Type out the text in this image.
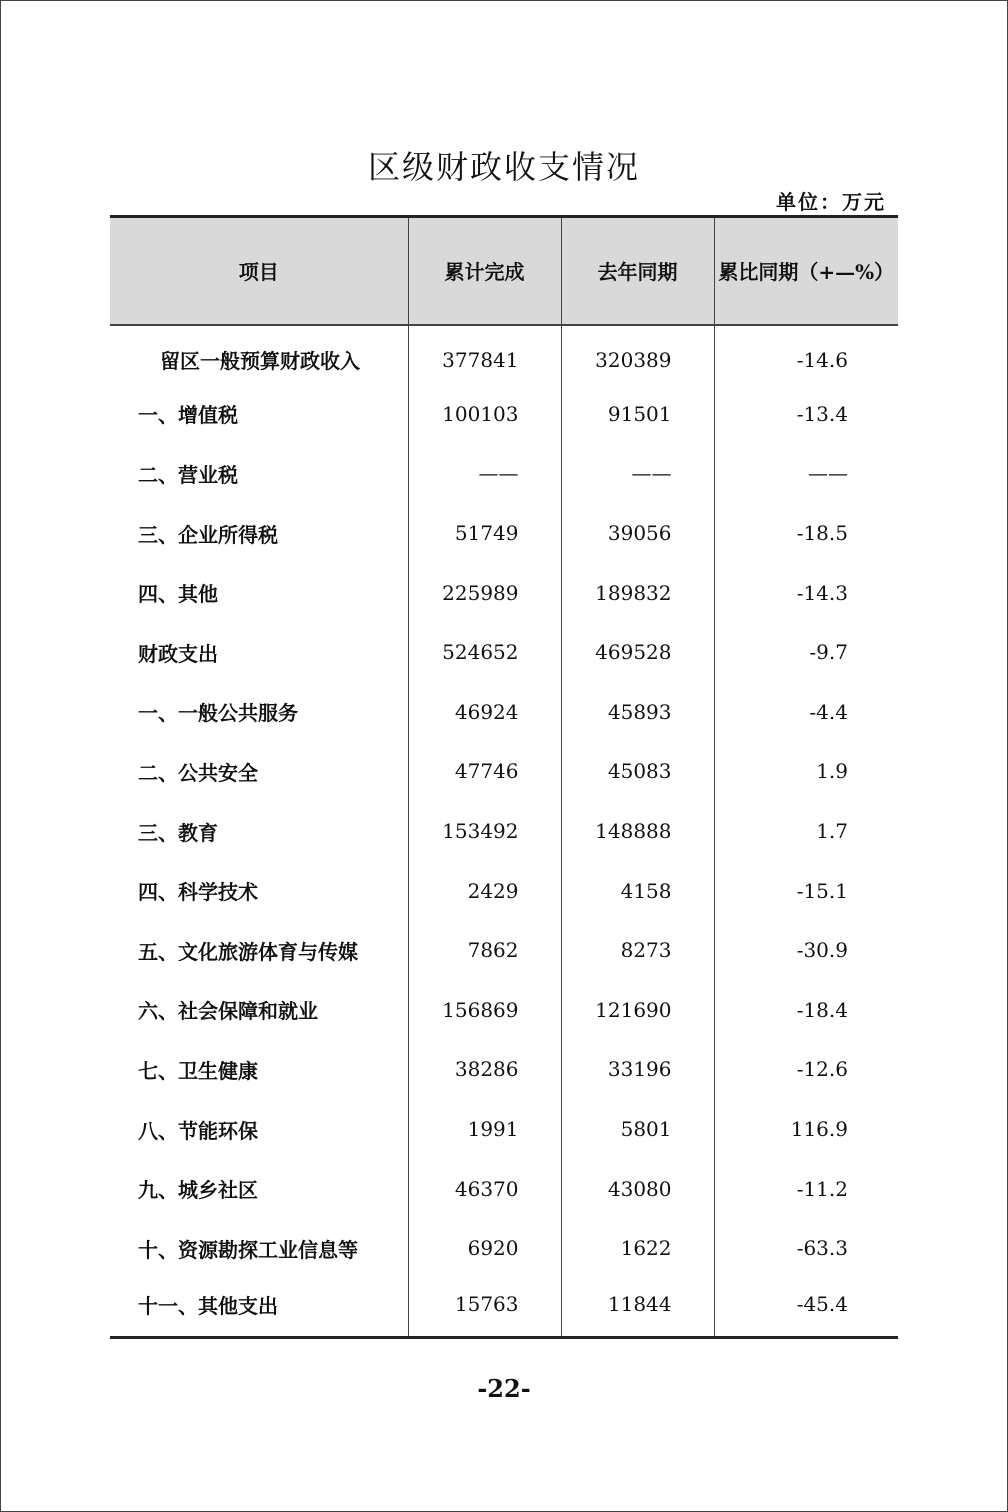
区级财政收支情况
单位：万元
项目	累计完成	去年同期	累比同期（+—%）
留区一般预算财政收入	377841	320389	-14.6
一、增值税	100103	91501	-13.4
二、营业税	——	——	——
三、企业所得税	51749	39056	-18.5
四、其他	225989	189832	-14.3
财政支出	524652	469528	-9.7
一、一般公共服务	46924	45893	-4.4
二、公共安全	47746	45083	1.9
三、教育	153492	148888	1.7
四、科学技术	2429	4158	-15.1
五、文化旅游体育与传媒	7862	8273	-30.9
六、社会保障和就业	156869	121690	-18.4
七、卫生健康	38286	33196	-12.6
八、节能环保	1991	5801	116.9
九、城乡社区	46370	43080	-11.2
十、资源勘探工业信息等	6920	1622	-63.3
十一、其他支出	15763	11844	-45.4
-22-
